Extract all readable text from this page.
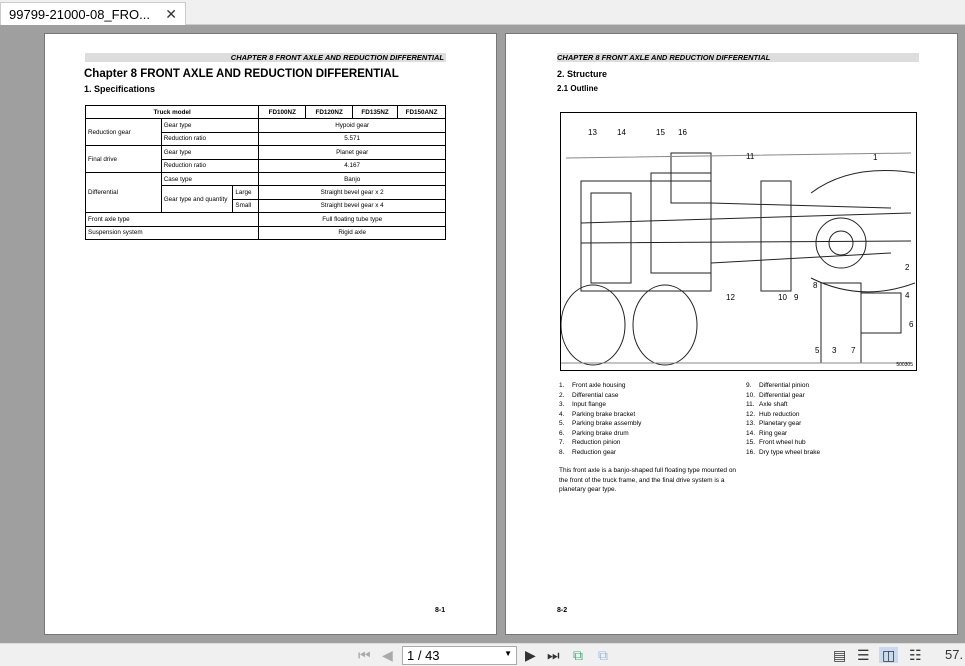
99799-21000-08_FRO... ✕
CHAPTER 8 FRONT AXLE AND REDUCTION DIFFERENTIAL
Chapter 8 FRONT AXLE AND REDUCTION DIFFERENTIAL
1. Specifications
Truck model			FD100NZ	FD120NZ	FD135NZ	FD150ANZ
Reduction gear	Gear type		Hypoid gear			
	Reduction ratio		5.571			
Final drive	Gear type		Planet gear			
	Reduction ratio		4.167			
Differential	Case type		Banjo			
	Gear type and quantity	Large	Straight bevel gear x 2			
		Small	Straight bevel gear x 4			
Front axle type			Full floating tube type			
Suspension system			Rigid axle			
8-1
CHAPTER 8 FRONT AXLE AND REDUCTION DIFFERENTIAL
2. Structure
2.1 Outline
1
2
3
4
5
6
7
8
9
10
11
12
13	14	15 16
500305
1. Front axle housing
2. Differential case
3. Input flange
4. Parking brake bracket
5. Parking brake assembly
6. Parking brake drum
7. Reduction pinion
8. Reduction gear
9. Differential pinion
10. Differential gear
11. Axle shaft
12. Hub reduction
13. Planetary gear
14. Ring gear
15. Front wheel hub
16. Dry type wheel brake
This front axle is a banjo-shaped full floating type mounted on the front of the truck frame, and the final drive system is a planetary gear type.
8-2
⏮ ◀	1 / 43	▼ ▶ ⏭ ⧉ ⧉	▤ ☰ ◫ ☷ 57.
